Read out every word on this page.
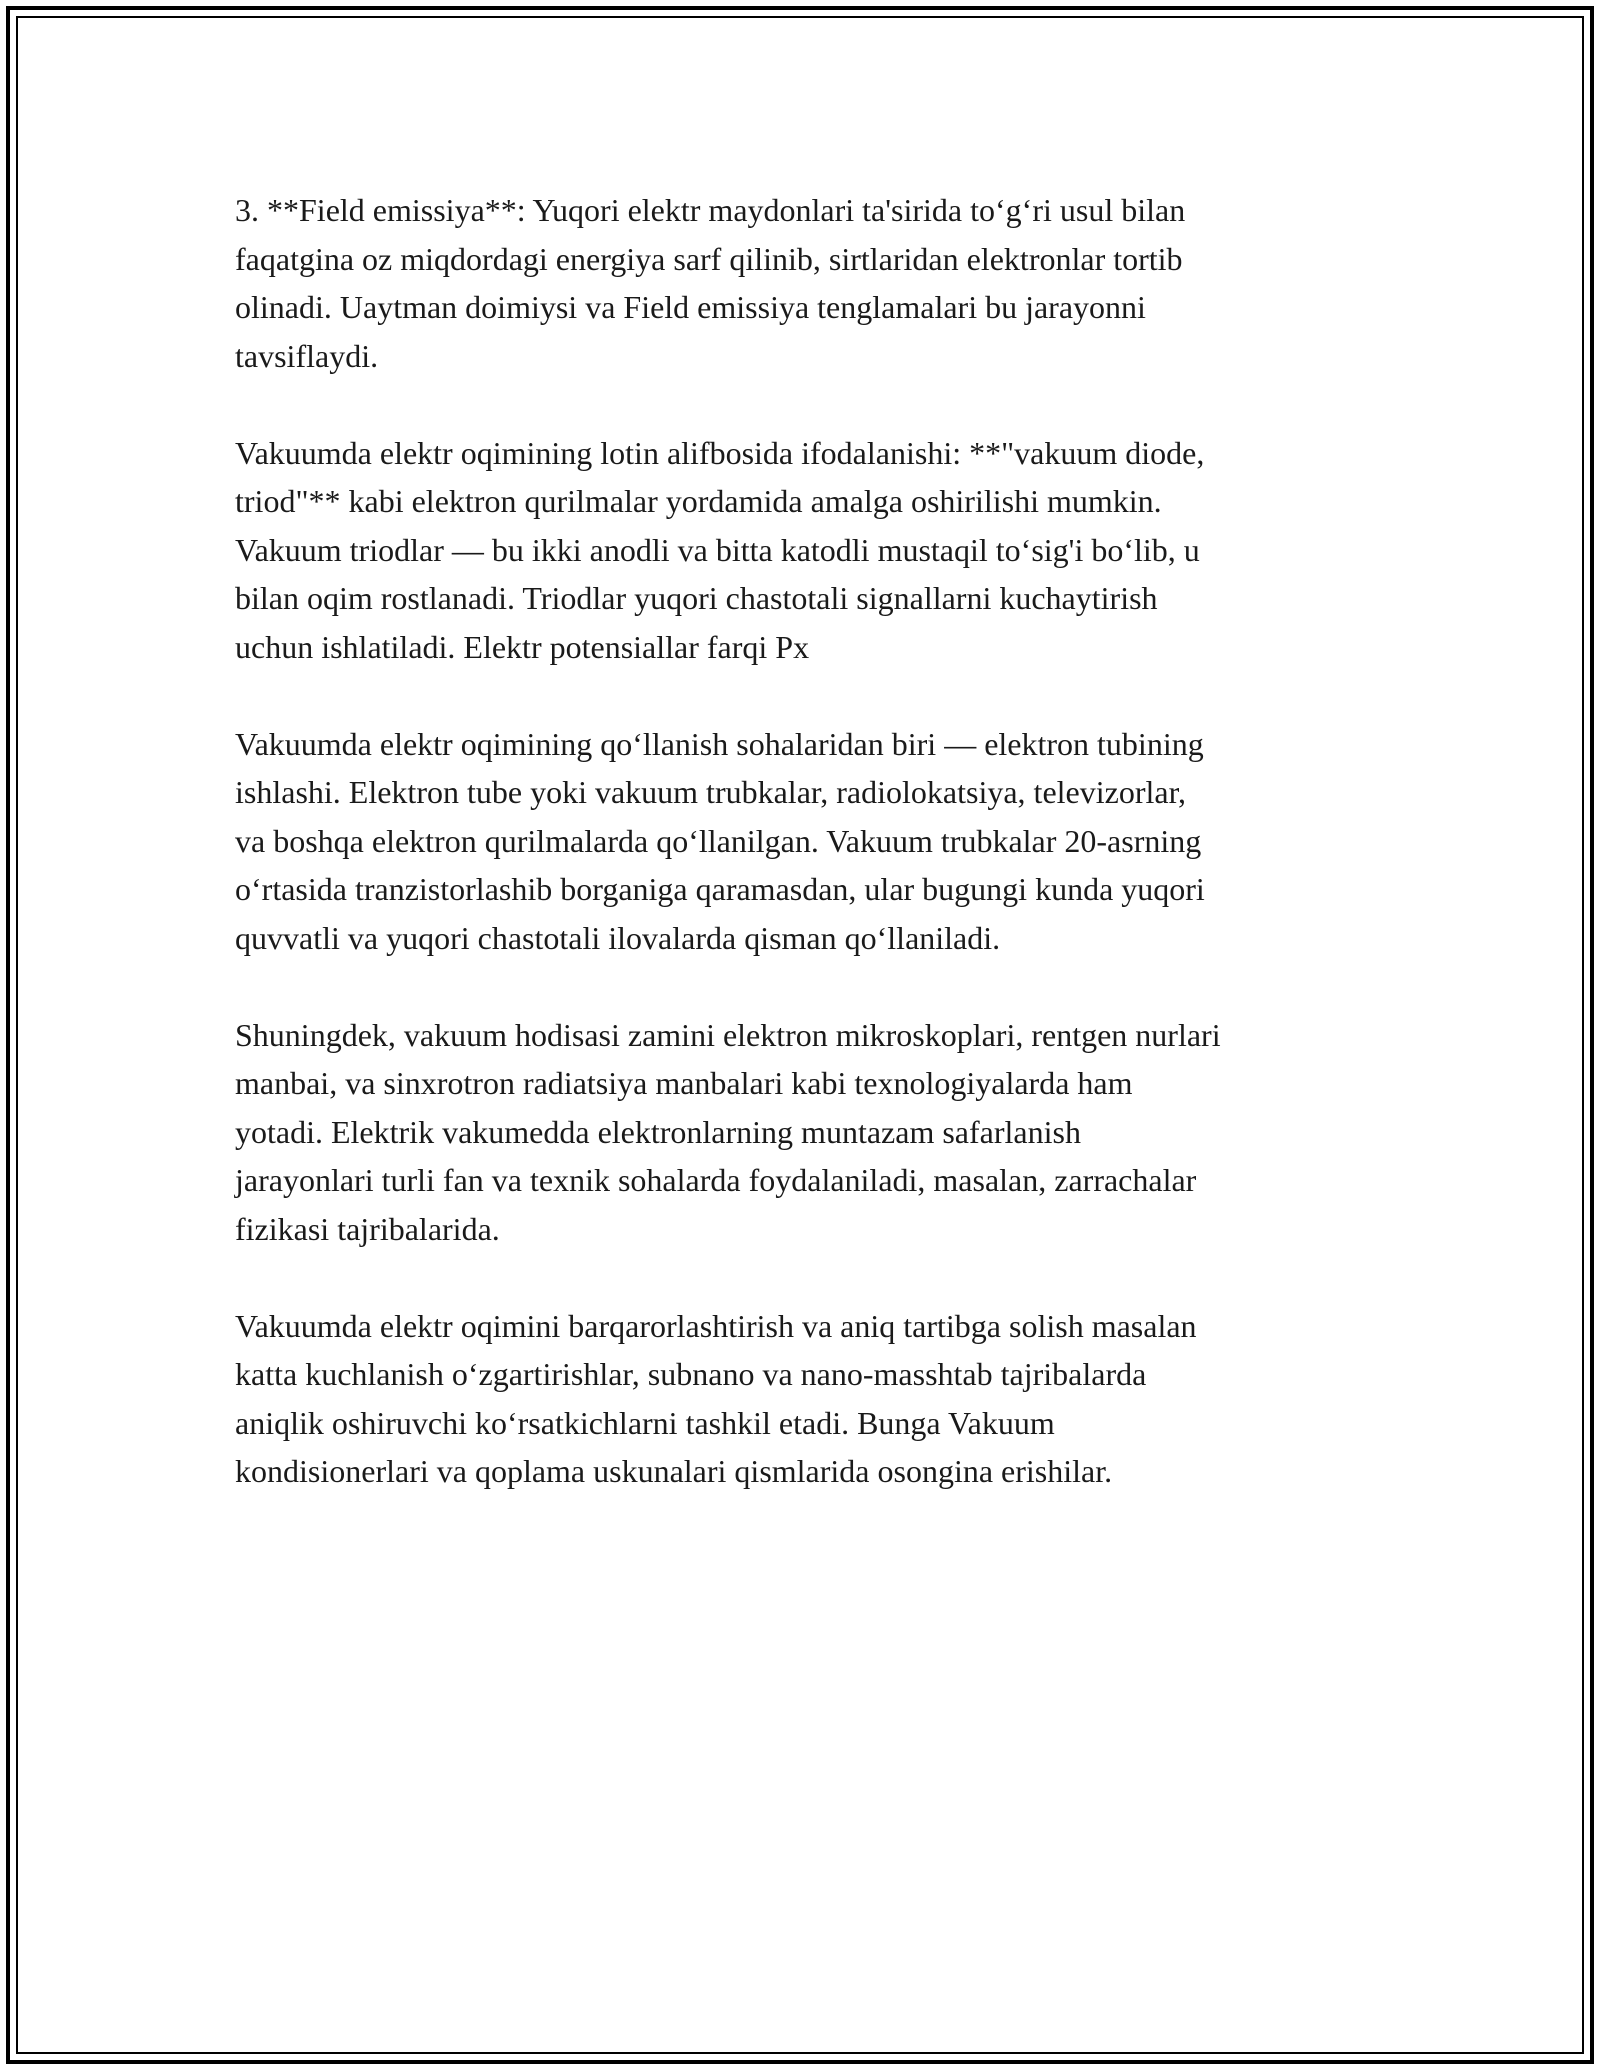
3. **Field emissiya**: Yuqori elektr maydonlari ta'sirida to‘g‘ri usul bilan
faqatgina oz miqdordagi energiya sarf qilinib, sirtlaridan elektronlar tortib
olinadi. Uaytman doimiysi va Field emissiya tenglamalari bu jarayonni
tavsiflaydi.

Vakuumda elektr oqimining lotin alifbosida ifodalanishi: **"vakuum diode,
triod"** kabi elektron qurilmalar yordamida amalga oshirilishi mumkin.
Vakuum triodlar — bu ikki anodli va bitta katodli mustaqil to‘sig'i bo‘lib, u
bilan oqim rostlanadi. Triodlar yuqori chastotali signallarni kuchaytirish
uchun ishlatiladi. Elektr potensiallar farqi Px

Vakuumda elektr oqimining qo‘llanish sohalaridan biri — elektron tubining
ishlashi. Elektron tube yoki vakuum trubkalar, radiolokatsiya, televizorlar,
va boshqa elektron qurilmalarda qo‘llanilgan. Vakuum trubkalar 20-asrning
o‘rtasida tranzistorlashib borganiga qaramasdan, ular bugungi kunda yuqori
quvvatli va yuqori chastotali ilovalarda qisman qo‘llaniladi.

Shuningdek, vakuum hodisasi zamini elektron mikroskoplari, rentgen nurlari
manbai, va sinxrotron radiatsiya manbalari kabi texnologiyalarda ham
yotadi. Elektrik vakumedda elektronlarning muntazam safarlanish
jarayonlari turli fan va texnik sohalarda foydalaniladi, masalan, zarrachalar
fizikasi tajribalarida.

Vakuumda elektr oqimini barqarorlashtirish va aniq tartibga solish masalan
katta kuchlanish o‘zgartirishlar, subnano va nano-masshtab tajribalarda
aniqlik oshiruvchi ko‘rsatkichlarni tashkil etadi. Bunga Vakuum
kondisionerlari va qoplama uskunalari qismlarida osongina erishilar.
